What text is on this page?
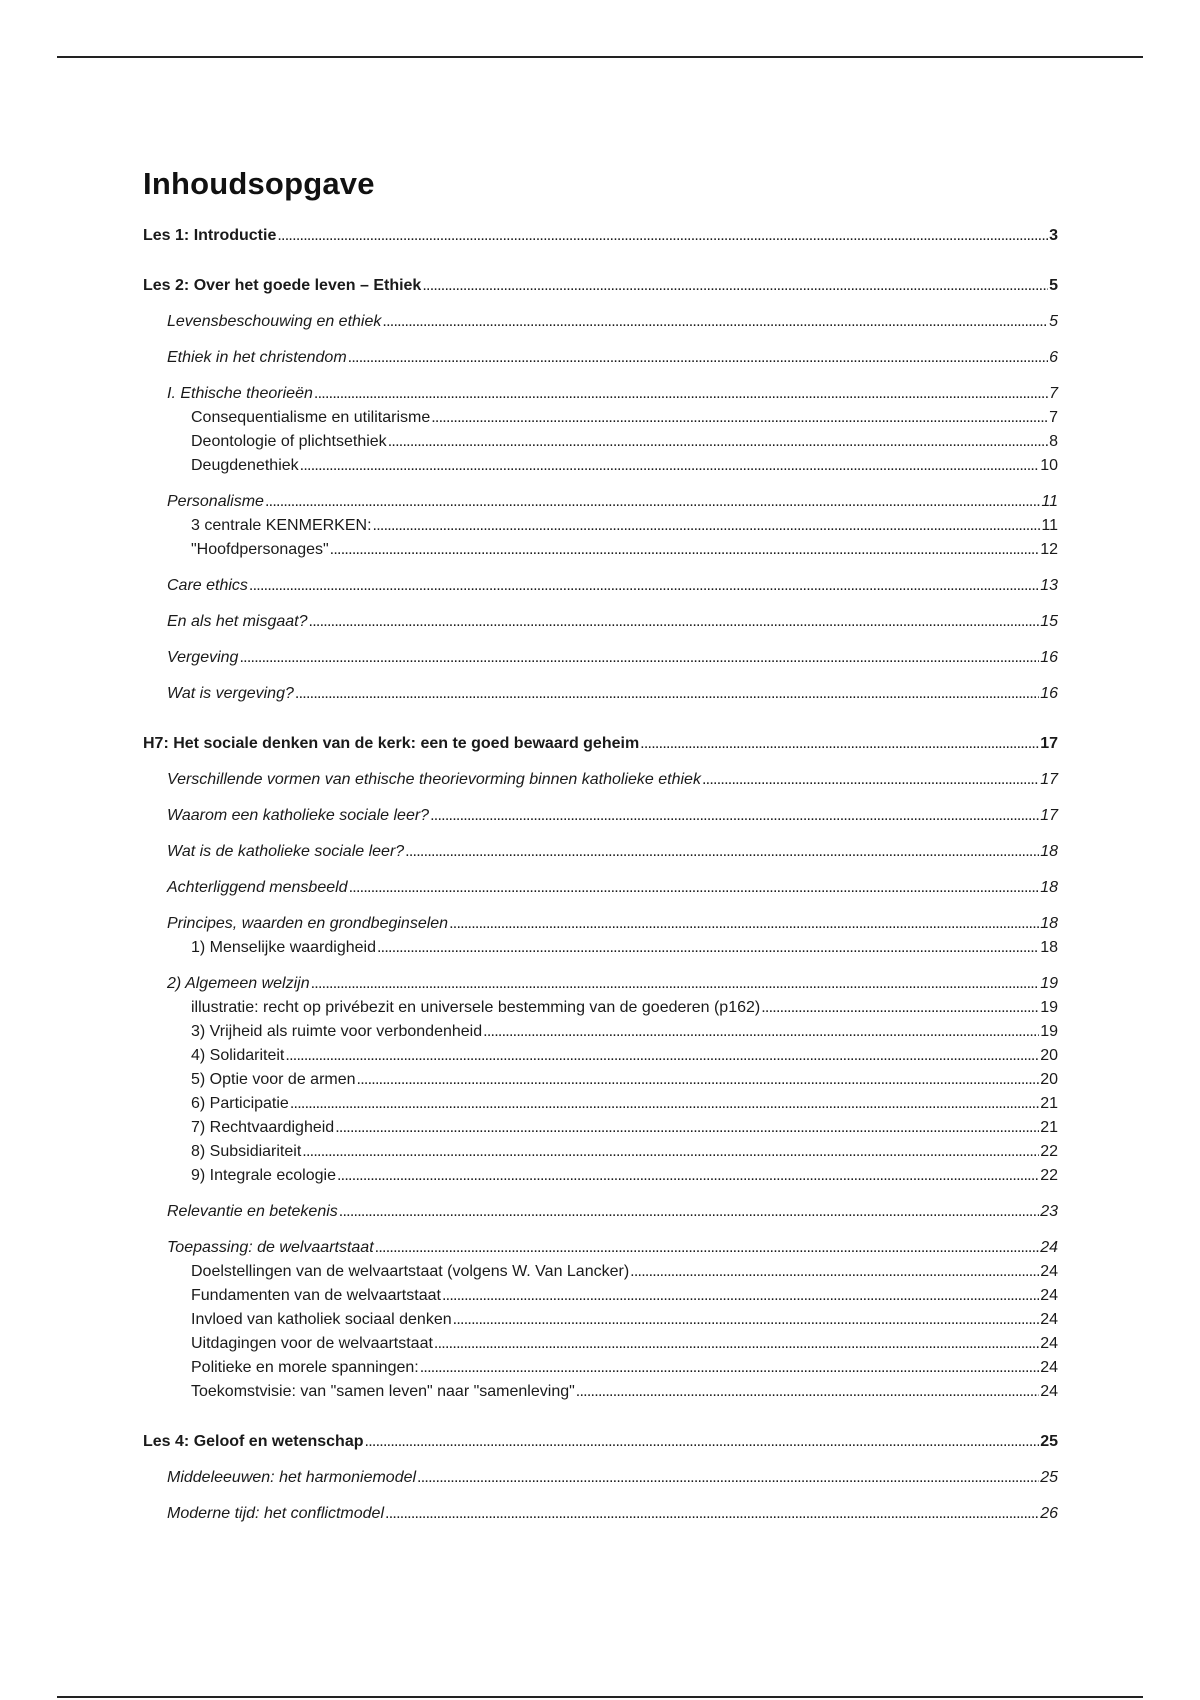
Inhoudsopgave
Les 1: Introductie . . .	3
Les 2: Over het goede leven – Ethiek . . .	5
Levensbeschouwing en ethiek . . .	5
Ethiek in het christendom . . .	6
I. Ethische theorieën . . .	7
Consequentialisme en utilitarisme . . .	7
Deontologie of plichtsethiek . . .	8
Deugdenethiek . . .	10
Personalisme . . .	11
3 centrale KENMERKEN: . . .	11
"Hoofdpersonages" . . .	12
Care ethics . . .	13
En als het misgaat? . . .	15
Vergeving . . .	16
Wat is vergeving? . . .	16
H7: Het sociale denken van de kerk: een te goed bewaard geheim . . .	17
Verschillende vormen van ethische theorievorming binnen katholieke ethiek . . .	17
Waarom een katholieke sociale leer? . . .	17
Wat is de katholieke sociale leer? . . .	18
Achterliggend mensbeeld . . .	18
Principes, waarden en grondbeginselen . . .	18
1) Menselijke waardigheid . . .	18
2) Algemeen welzijn . . .	19
illustratie: recht op privébezit en universele bestemming van de goederen (p162) . . .	19
3) Vrijheid als ruimte voor verbondenheid . . .	19
4) Solidariteit . . .	20
5) Optie voor de armen . . .	20
6) Participatie . . .	21
7) Rechtvaardigheid . . .	21
8) Subsidiariteit . . .	22
9) Integrale ecologie . . .	22
Relevantie en betekenis . . .	23
Toepassing: de welvaartstaat . . .	24
Doelstellingen van de welvaartstaat (volgens W. Van Lancker) . . .	24
Fundamenten van de welvaartstaat . . .	24
Invloed van katholiek sociaal denken . . .	24
Uitdagingen voor de welvaartstaat . . .	24
Politieke en morele spanningen: . . .	24
Toekomstvisie: van "samen leven" naar "samenleving" . . .	24
Les 4: Geloof en wetenschap . . .	25
Middeleeuwen: het harmoniemodel . . .	25
Moderne tijd: het conflictmodel . . .	26
